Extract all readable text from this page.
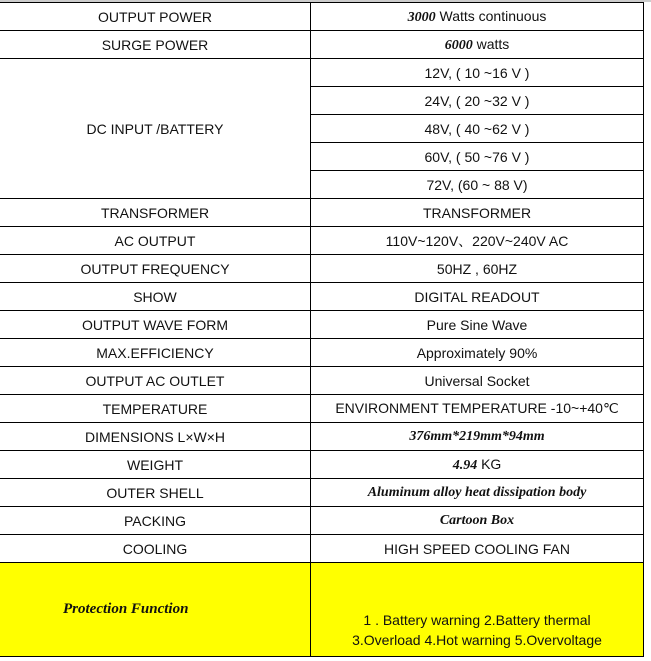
OUTPUT POWER	3000 Watts continuous
SURGE POWER	6000 watts
DC INPUT /BATTERY	12V, ( 10 ~16 V )
	24V, ( 20 ~32 V )
	48V, ( 40 ~62 V )
	60V, ( 50 ~76 V )
	72V, (60 ~ 88 V)
TRANSFORMER	TRANSFORMER
AC OUTPUT	110V~120V、220V~240V AC
OUTPUT FREQUENCY	50HZ , 60HZ
SHOW	DIGITAL READOUT
OUTPUT WAVE FORM	Pure Sine Wave
MAX.EFFICIENCY	Approximately 90%
OUTPUT AC OUTLET	Universal Socket
TEMPERATURE	ENVIRONMENT TEMPERATURE -10~+40℃
DIMENSIONS L×W×H	376mm*219mm*94mm
WEIGHT	4.94 KG
OUTER SHELL	Aluminum alloy heat dissipation body
PACKING	Cartoon Box
COOLING	HIGH SPEED COOLING FAN
Protection Function	1 . Battery warning 2.Battery thermal
3.Overload 4.Hot warning 5.Overvoltage
